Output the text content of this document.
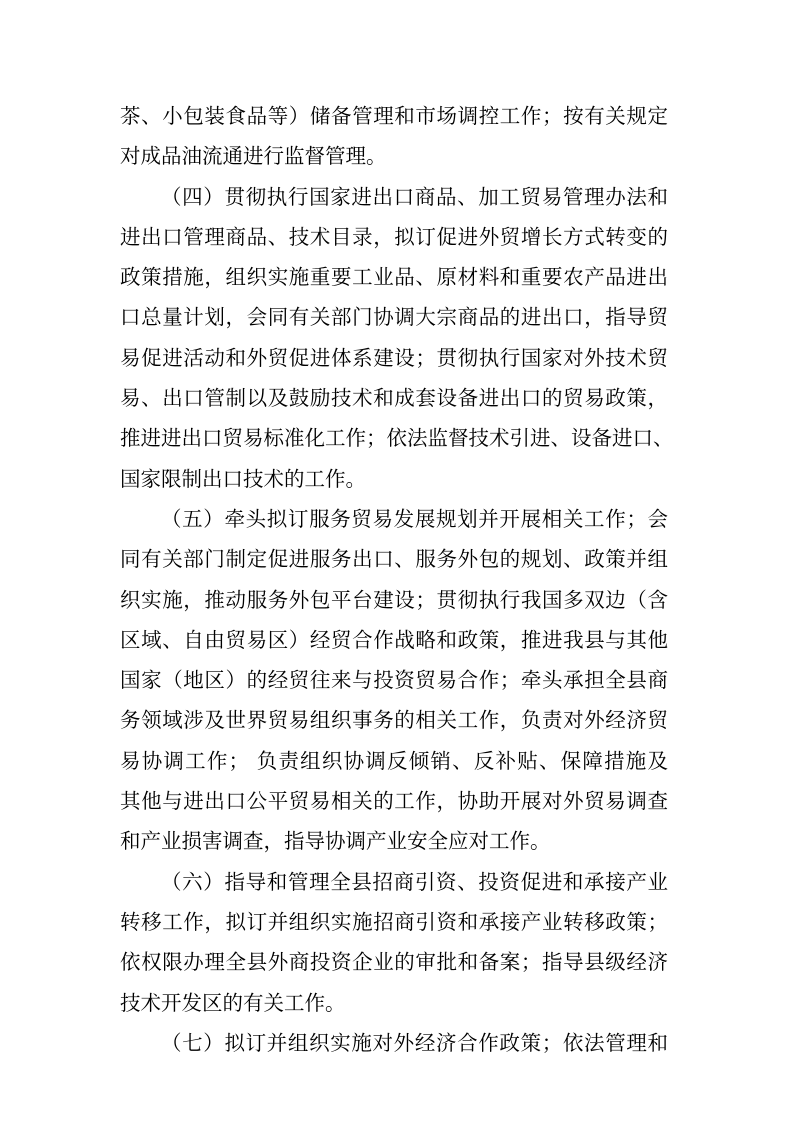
茶、小包装食品等）储备管理和市场调控工作；按有关规定
对成品油流通进行监督管理。

（四）贯彻执行国家进出口商品、加工贸易管理办法和
进出口管理商品、技术目录，拟订促进外贸增长方式转变的
政策措施，组织实施重要工业品、原材料和重要农产品进出
口总量计划，会同有关部门协调大宗商品的进出口，指导贸
易促进活动和外贸促进体系建设；贯彻执行国家对外技术贸
易、出口管制以及鼓励技术和成套设备进出口的贸易政策，
推进进出口贸易标准化工作；依法监督技术引进、设备进口、
国家限制出口技术的工作。

（五）牵头拟订服务贸易发展规划并开展相关工作；会
同有关部门制定促进服务出口、服务外包的规划、政策并组
织实施，推动服务外包平台建设；贯彻执行我国多双边（含
区域、自由贸易区）经贸合作战略和政策，推进我县与其他
国家（地区）的经贸往来与投资贸易合作；牵头承担全县商
务领域涉及世界贸易组织事务的相关工作，负责对外经济贸
易协调工作； 负责组织协调反倾销、反补贴、保障措施及
其他与进出口公平贸易相关的工作，协助开展对外贸易调查
和产业损害调查，指导协调产业安全应对工作。

（六）指导和管理全县招商引资、投资促进和承接产业
转移工作，拟订并组织实施招商引资和承接产业转移政策；
依权限办理全县外商投资企业的审批和备案；指导县级经济
技术开发区的有关工作。

（七）拟订并组织实施对外经济合作政策；依法管理和
